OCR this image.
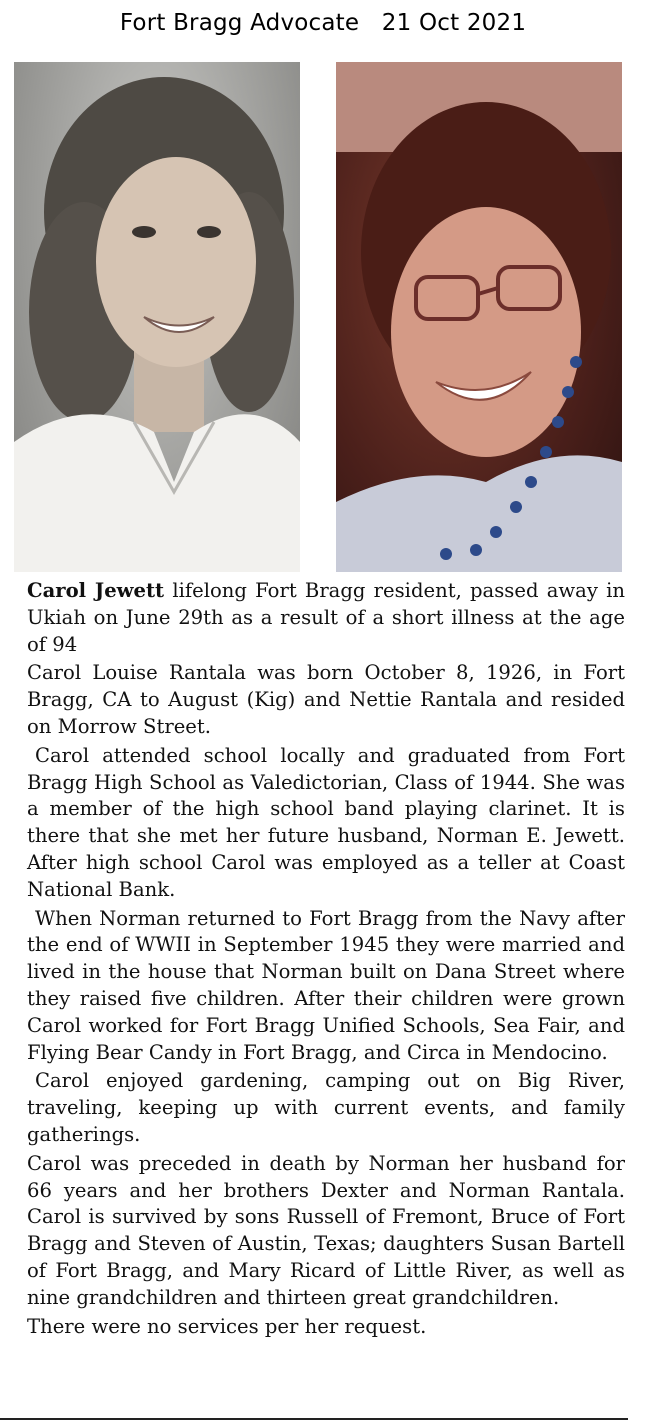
Fort Bragg Advocate 21 Oct 2021

Carol Jewett lifelong Fort Bragg resident, passed away in Ukiah on June 29th as a result of a short illness at the age of 94

Carol Louise Rantala was born October 8, 1926, in Fort Bragg, CA to August (Kig) and Nettie Rantala and resided on Morrow Street.

Carol attended school locally and graduated from Fort Bragg High School as Valedictorian, Class of 1944. She was a member of the high school band playing clarinet. It is there that she met her future husband, Norman E. Jewett. After high school Carol was employed as a teller at Coast National Bank.

When Norman returned to Fort Bragg from the Navy after the end of WWII in September 1945 they were married and lived in the house that Norman built on Dana Street where they raised five children. After their children were grown Carol worked for Fort Bragg Unified Schools, Sea Fair, and Flying Bear Candy in Fort Bragg, and Circa in Mendocino.

Carol enjoyed gardening, camping out on Big River, traveling, keeping up with current events, and family gatherings.

Carol was preceded in death by Norman her husband for 66 years and her brothers Dexter and Norman Rantala. Carol is survived by sons Russell of Fremont, Bruce of Fort Bragg and Steven of Austin, Texas; daughters Susan Bartell of Fort Bragg, and Mary Ricard of Little River, as well as nine grandchildren and thirteen great grandchildren.

There were no services per her request.
